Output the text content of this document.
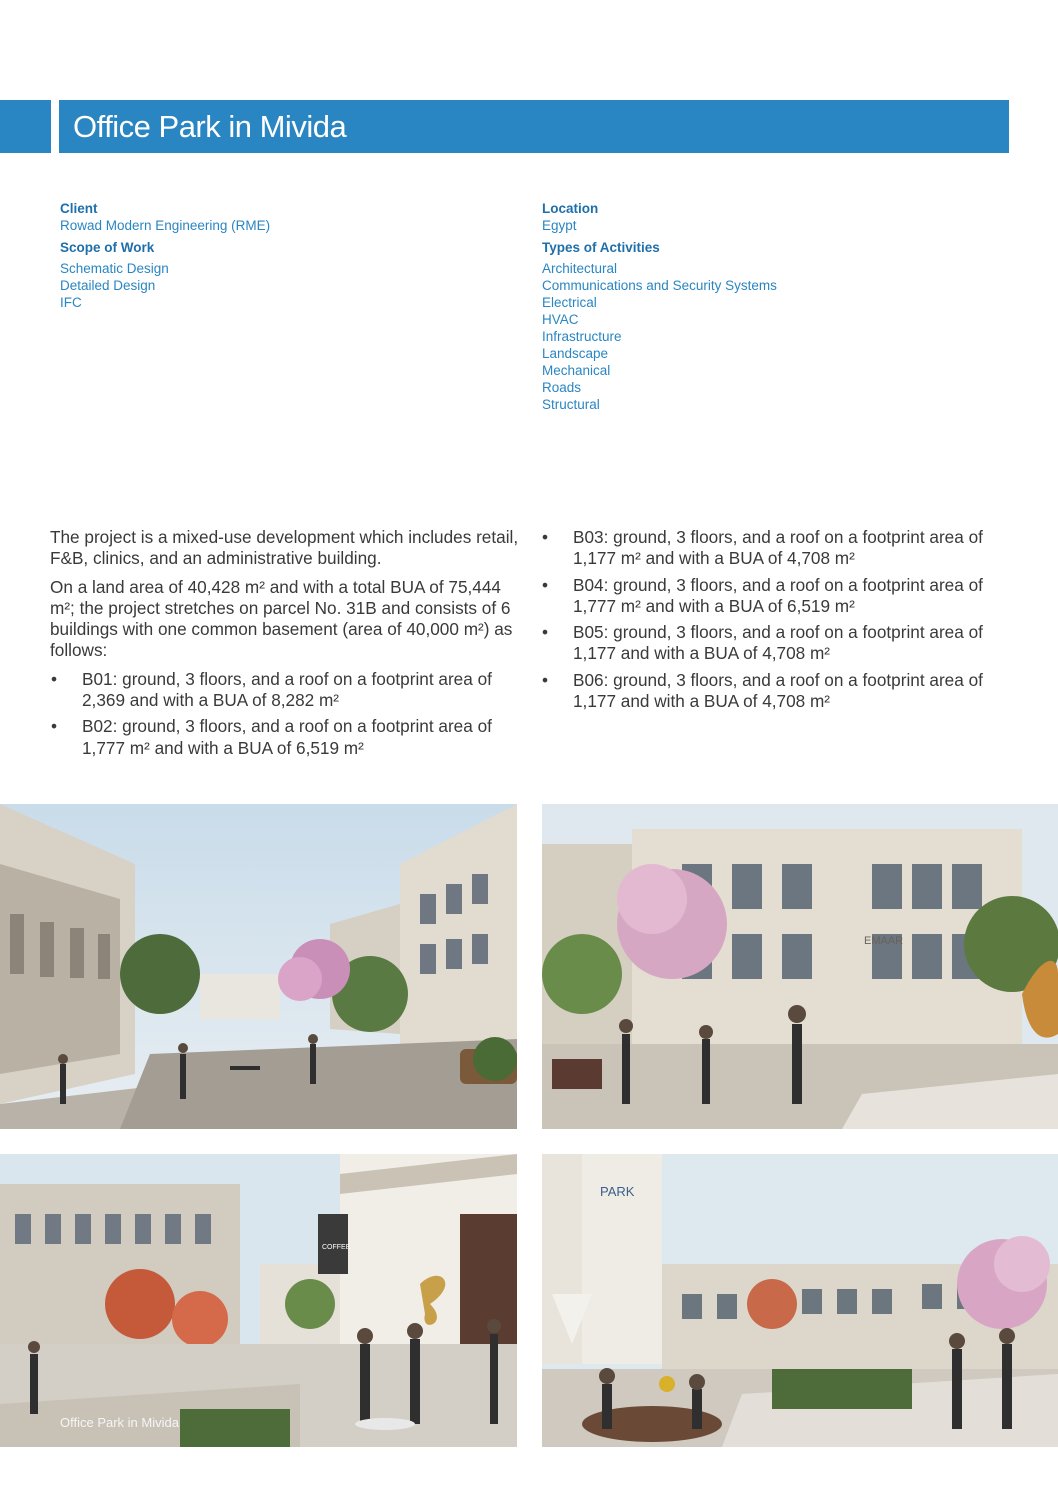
Office Park in Mivida
Client
Rowad Modern Engineering (RME)
Scope of Work
Schematic Design
Detailed Design
IFC
Location
Egypt
Types of Activities
Architectural
Communications and Security Systems
Electrical
HVAC
Infrastructure
Landscape
Mechanical
Roads
Structural

The project is a mixed-use development which includes retail, F&B, clinics, and an administrative building.

On a land area of 40,428 m² and with a total BUA of 75,444 m²; the project stretches on parcel No. 31B and consists of 6 buildings with one common basement (area of 40,000 m²) as follows:

• B01: ground, 3 floors, and a roof on a footprint area of 2,369 and with a BUA of 8,282 m²
• B02: ground, 3 floors, and a roof on a footprint area of 1,777 m² and with a BUA of 6,519 m²
• B03: ground, 3 floors, and a roof on a footprint area of 1,177 m² and with a BUA of 4,708 m²
• B04: ground, 3 floors, and a roof on a footprint area of 1,777 m² and with a BUA of 6,519 m²
• B05: ground, 3 floors, and a roof on a footprint area of 1,177 and with a BUA of 4,708 m²
• B06: ground, 3 floors, and a roof on a footprint area of 1,177 and with a BUA of 4,708 m²
EMAAR
COFFEE
Office Park in Mivida
PARK
